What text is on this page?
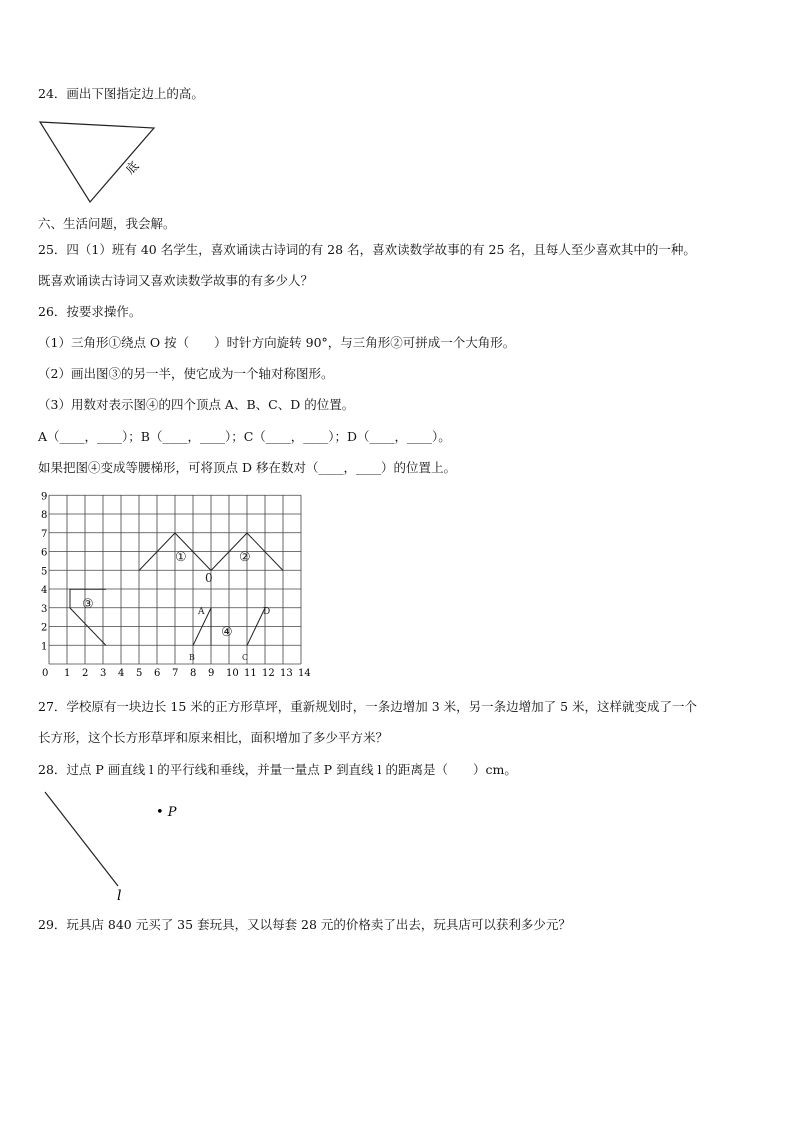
24．画出下图指定边上的高。
底
六、生活问题，我会解。
25．四（1）班有 40 名学生，喜欢诵读古诗词的有 28 名，喜欢读数学故事的有 25 名，且每人至少喜欢其中的一种。
既喜欢诵读古诗词又喜欢读数学故事的有多少人？
26．按要求操作。
（1）三角形①绕点 O 按（　　）时针方向旋转 90°，与三角形②可拼成一个大角形。
（2）画出图③的另一半，使它成为一个轴对称图形。
（3）用数对表示图④的四个顶点 A、B、C、D 的位置。
A（____，____）；B（____，____）；C（____，____）；D（____，____）。
如果把图④变成等腰梯形，可将顶点 D 移在数对（____，____）的位置上。
0 1 2 3 4 5 6 7 8 9 10 11 12 13 14
1
2
3
4
5
6
7
8
9
①	②
③
④
0
A
B	C
D
27．学校原有一块边长 15 米的正方形草坪，重新规划时，一条边增加 3 米，另一条边增加了 5 米，这样就变成了一个
长方形，这个长方形草坪和原来相比，面积增加了多少平方米？
28．过点 P 画直线 l 的平行线和垂线，并量一量点 P 到直线 l 的距离是（　　）cm。
l
• P
29．玩具店 840 元买了 35 套玩具，又以每套 28 元的价格卖了出去，玩具店可以获利多少元？
